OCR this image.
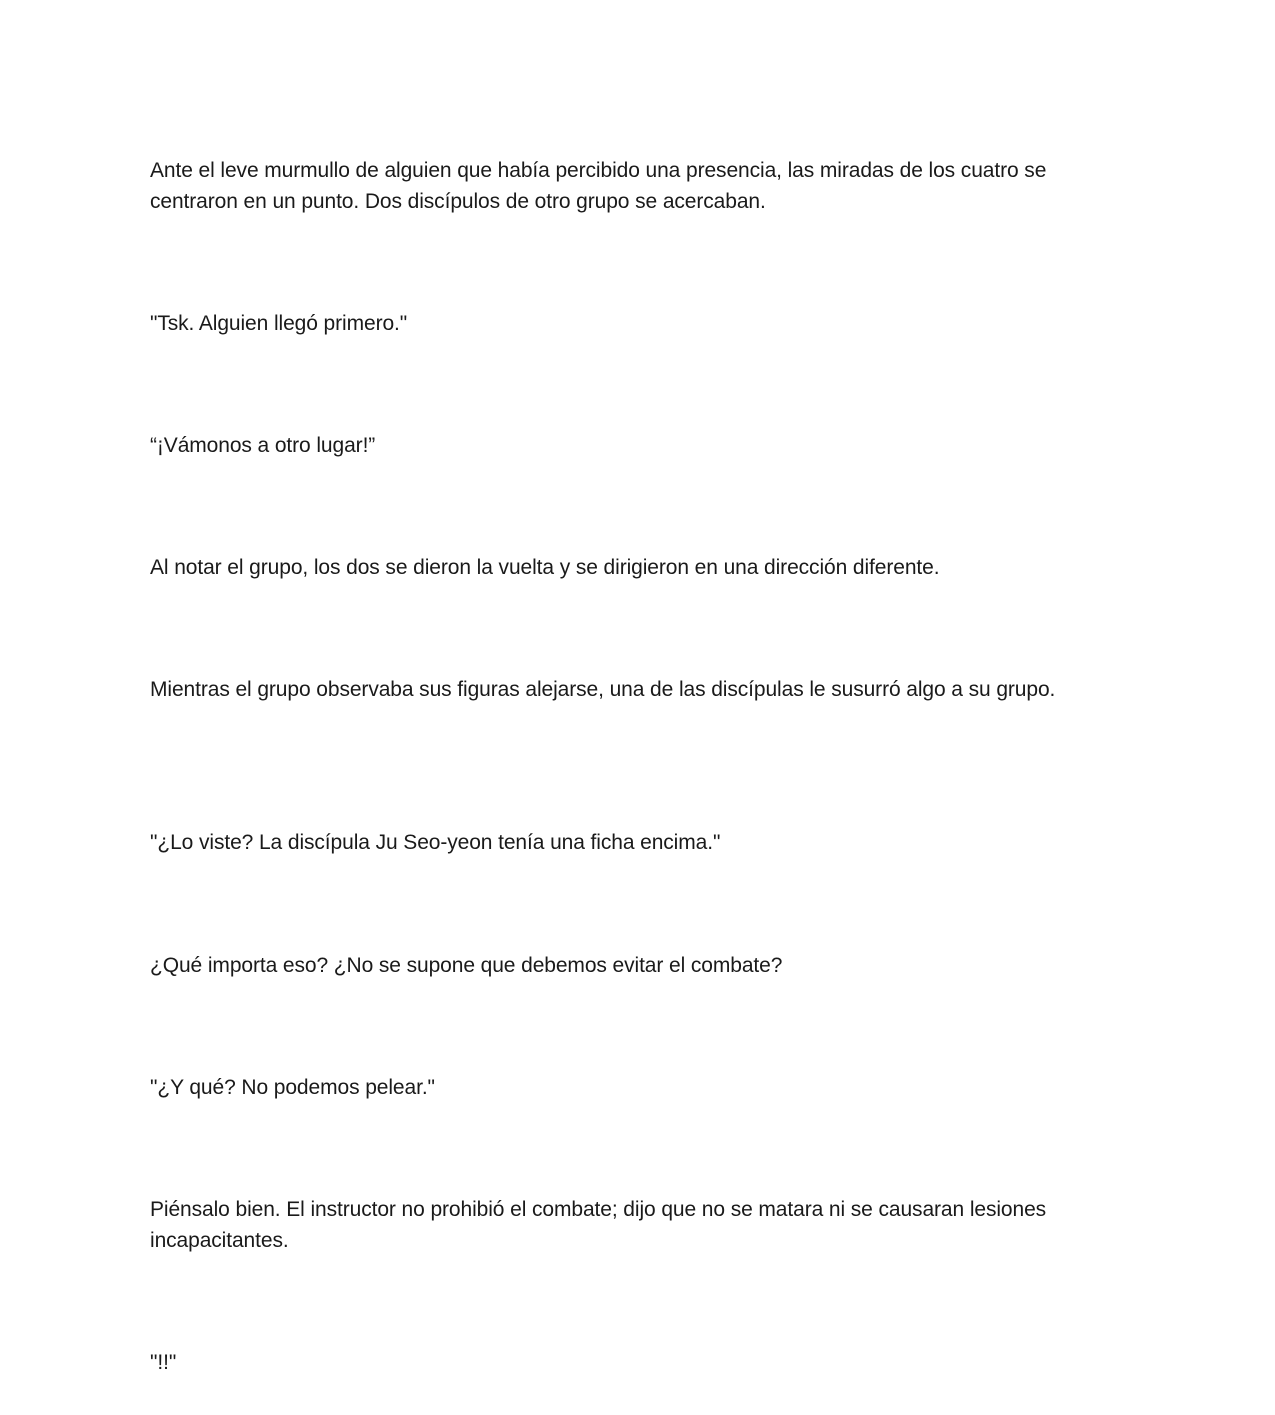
Ante el leve murmullo de alguien que había percibido una presencia, las miradas de los cuatro se centraron en un punto. Dos discípulos de otro grupo se acercaban.

"Tsk. Alguien llegó primero."

“¡Vámonos a otro lugar!”

Al notar el grupo, los dos se dieron la vuelta y se dirigieron en una dirección diferente.

Mientras el grupo observaba sus figuras alejarse, una de las discípulas le susurró algo a su grupo.

"¿Lo viste? La discípula Ju Seo-yeon tenía una ficha encima."

¿Qué importa eso? ¿No se supone que debemos evitar el combate?

"¿Y qué? No podemos pelear."

Piénsalo bien. El instructor no prohibió el combate; dijo que no se matara ni se causaran lesiones incapacitantes.

"!!"
